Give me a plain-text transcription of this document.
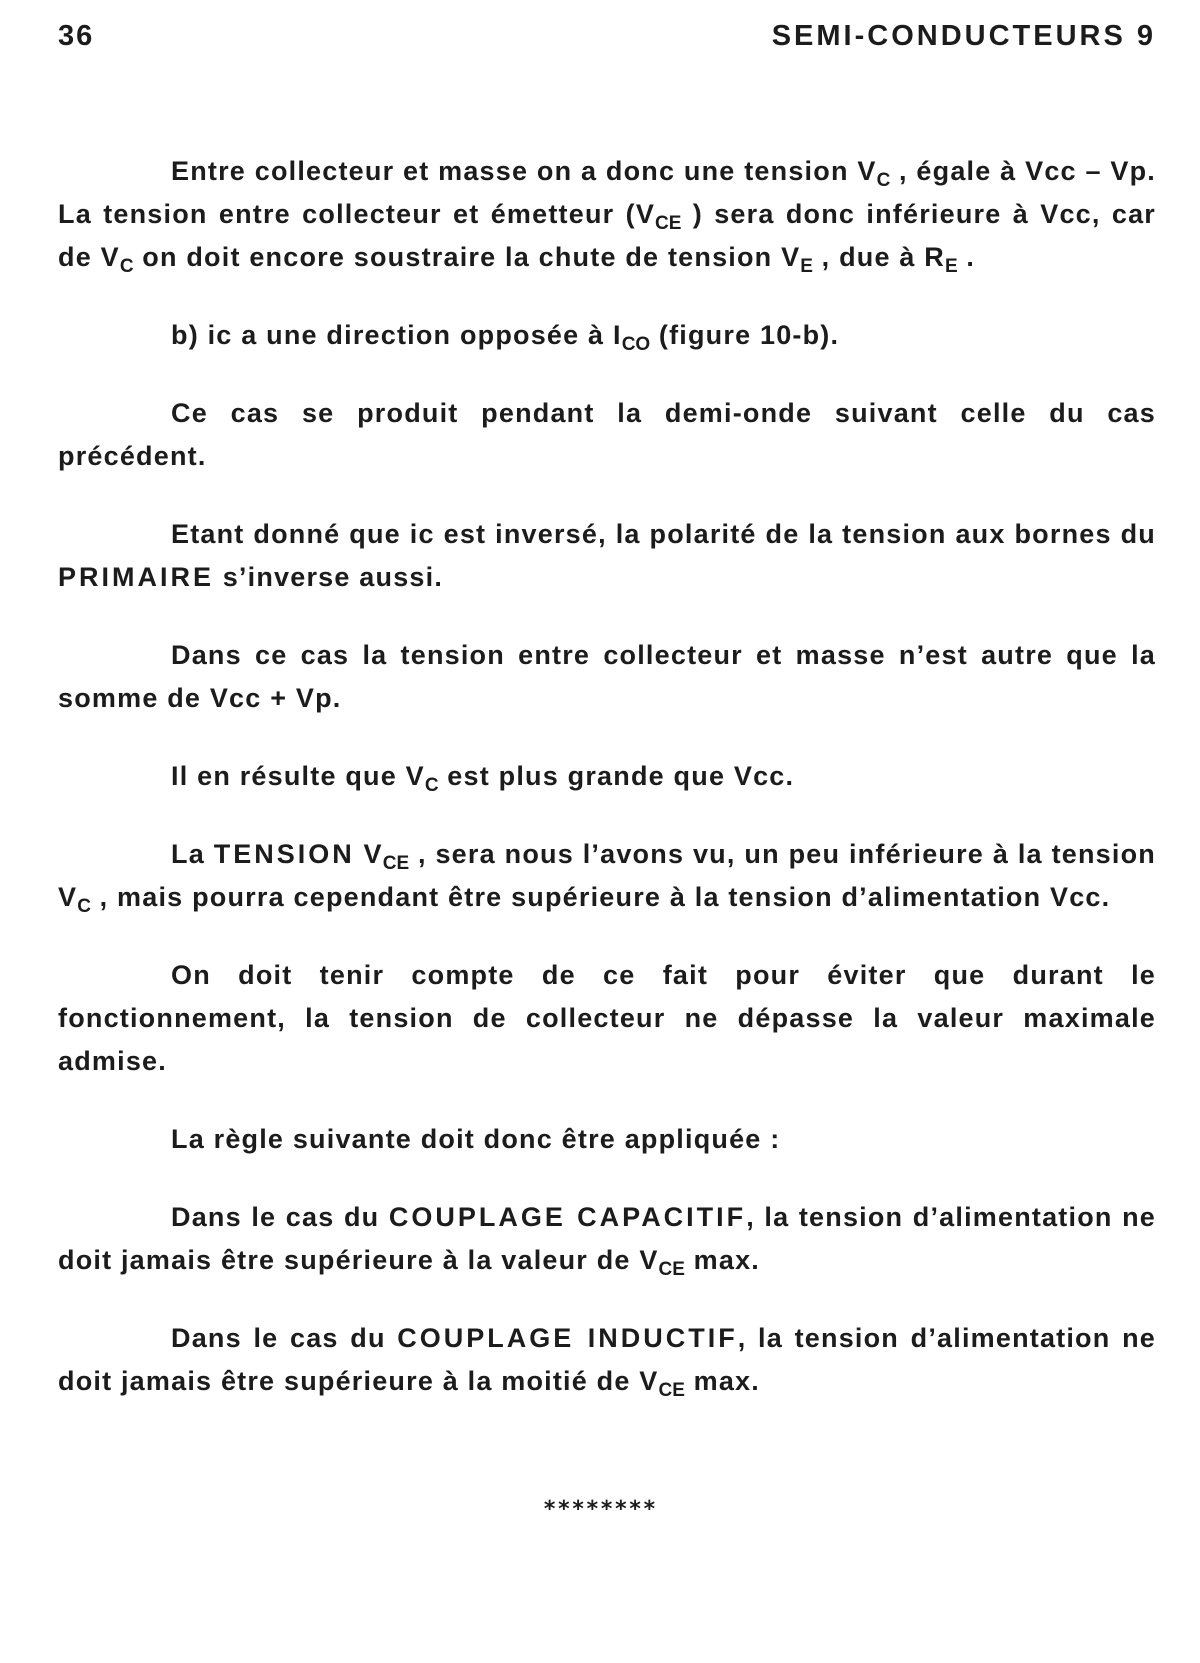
36	SEMI-CONDUCTEURS 9

Entre collecteur et masse on a donc une tension $V_C$ , égale à Vcc – Vp. La tension entre collecteur et émetteur ($V_{CE}$ ) sera donc inférieure à Vcc, car de $V_C$ on doit encore soustraire la chute de tension $V_E$ , due à $R_E$ .

b) ic a une direction opposée à $I_{CO}$ (figure 10-b).

Ce cas se produit pendant la demi-onde suivant celle du cas précédent.

Etant donné que ic est inversé, la polarité de la tension aux bornes du PRIMAIRE s’inverse aussi.

Dans ce cas la tension entre collecteur et masse n’est autre que la somme de Vcc + Vp.

Il en résulte que $V_C$ est plus grande que Vcc.

La TENSION $V_{CE}$ , sera nous l’avons vu, un peu inférieure à la tension $V_C$ , mais pourra cependant être supérieure à la tension d’alimentation Vcc.

On doit tenir compte de ce fait pour éviter que durant le fonctionnement, la tension de collecteur ne dépasse la valeur maximale admise.

La règle suivante doit donc être appliquée :

Dans le cas du COUPLAGE CAPACITIF, la tension d’alimentation ne doit jamais être supérieure à la valeur de $V_{CE}$ max.

Dans le cas du COUPLAGE INDUCTIF, la tension d’alimentation ne doit jamais être supérieure à la moitié de $V_{CE}$ max.

********
